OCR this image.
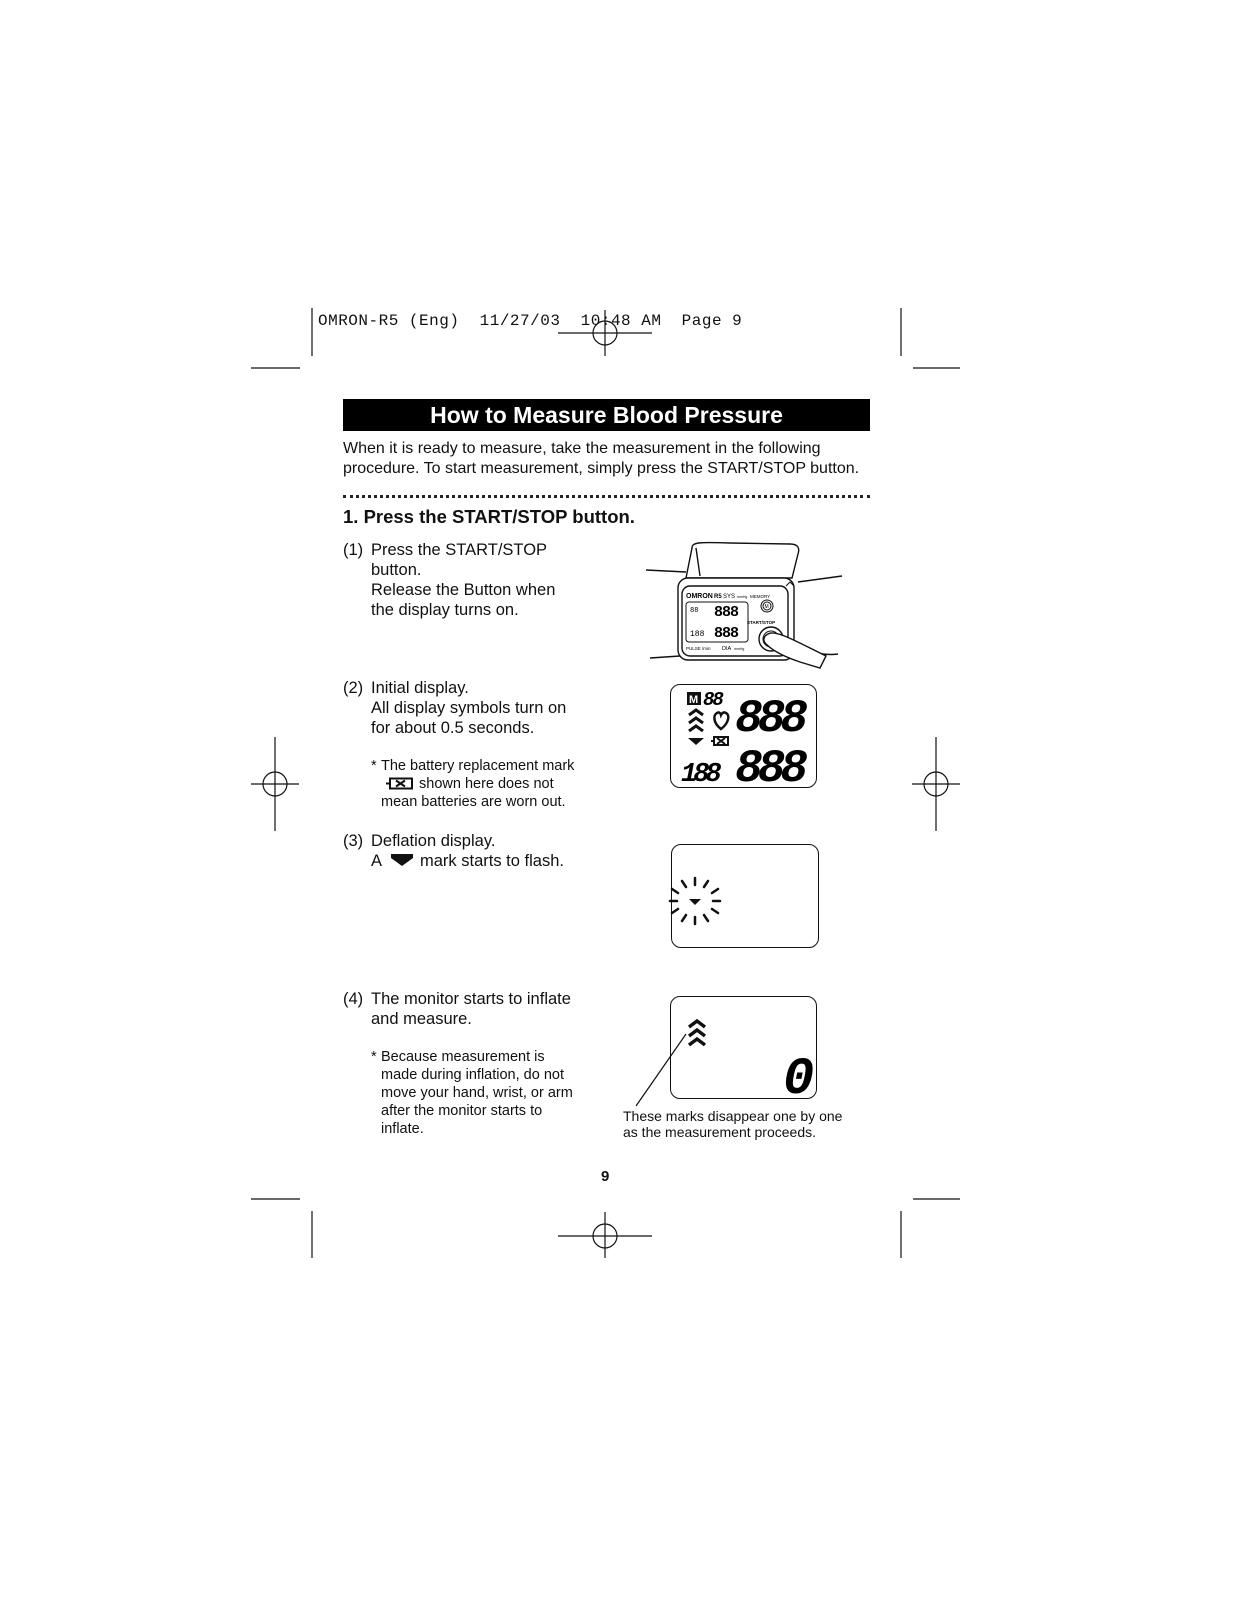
OMRON-R5 (Eng)  11/27/03  10:48 AM  Page 9
How to Measure Blood Pressure
When it is ready to measure, take the measurement in the following
procedure. To start measurement, simply press the START/STOP button.
1. Press the START/STOP button.
(1) Press the START/STOP
button.
Release the Button when
the display turns on.
OMRON R5 SYS mmHg MEMORY
M
START/STOP
888
888
88
188
PULSE /min DIA mmHg
(2) Initial display.
All display symbols turn on
for about 0.5 seconds.
* The battery replacement mark
shown here does not
mean batteries are worn out.
M 88 888
188 888
(3) Deflation display.
A mark starts to flash.
(4) The monitor starts to inflate
and measure.
* Because measurement is
made during inflation, do not
move your hand, wrist, or arm
after the monitor starts to
inflate.
0
These marks disappear one by one
as the measurement proceeds.
9
